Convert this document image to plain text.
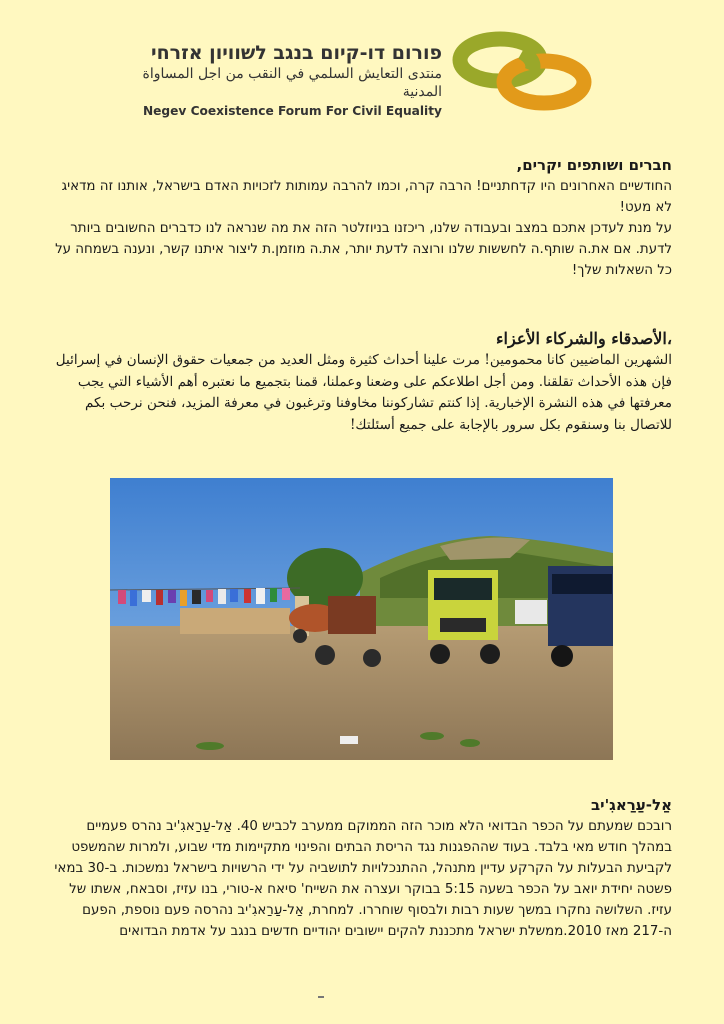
פורום דו-קיום בנגב לשוויון אזרחי
منتدى التعايش السلمي في النقب من اجل المساواة المدنية
Negev Coexistence Forum For Civil Equality

חברים ושותפים יקרים,

החודשיים האחרונים היו קדחתניים! הרבה קרה, וכמו להרבה עמותות לזכויות האדם בישראל, אותנו זה מדאיג לא מעט!

על מנת לעדכן אתכם במצב ובעבודה שלנו, ריכזנו בניוזלטר הזה את מה שנראה לנו כדברים החשובים ביותר לדעת. אם את.ה שותף.ה לחששות שלנו ורוצה לדעת יותר, את.ה מוזמן.ת ליצור איתנו קשר, ונענה בשמחה על כל השאלות שלך!

،الأصدقاء والشركاء الأعزاء

الشهرين الماضيين كانا محمومين! مرت علينا أحداث كثيرة ومثل العديد من جمعيات حقوق الإنسان في إسرائيل فإن هذه الأحداث تقلقنا. ومن أجل اطلاعكم على وضعنا وعملنا، قمنا بتجميع ما نعتبره أهم الأشياء التي يجب معرفتها في هذه النشرة الإخبارية. إذا كنتم تشاركوننا مخاوفنا وترغبون في معرفة المزيد، فنحن نرحب بكم للاتصال بنا وسنقوم بكل سرور بالإجابة على جميع أسئلتك!

אַל-עַרַאגִ'יב

רובכם שמעתם על הכפר הבדואי הלא מוכר הזה הממוקם ממערב לכביש 40. אַל-עַרַאגִ'יב נהרס פעמיים במהלך חודש מאי בלבד. בעוד שההפגנות נגד הריסת הבתים והפינוי מתקיימות מדי שבוע, ולמרות שהמשפט לקביעת הבעלות על הקרקע עדיין מתנהל, ההתנכלויות לתושביה על ידי הרשויות בישראל נמשכות. ב-30 במאי פשטה יחידת יואב על הכפר בשעה 5:15 בבוקר ועצרה את השייח' סיאח א-טורי, בנו עזיז, וסבאח, אשתו של עזיז. השלושה נחקרו במשך שעות רבות ולבסוף שוחררו. למחרת, אַל-עַרַאגִ'יב נהרסה פעם נוספת, הפעם ה-217 מאז 2010.ממשלת ישראל מתכננת להקים יישובים יהודיים חדשים בנגב על אדמת הבדואים
